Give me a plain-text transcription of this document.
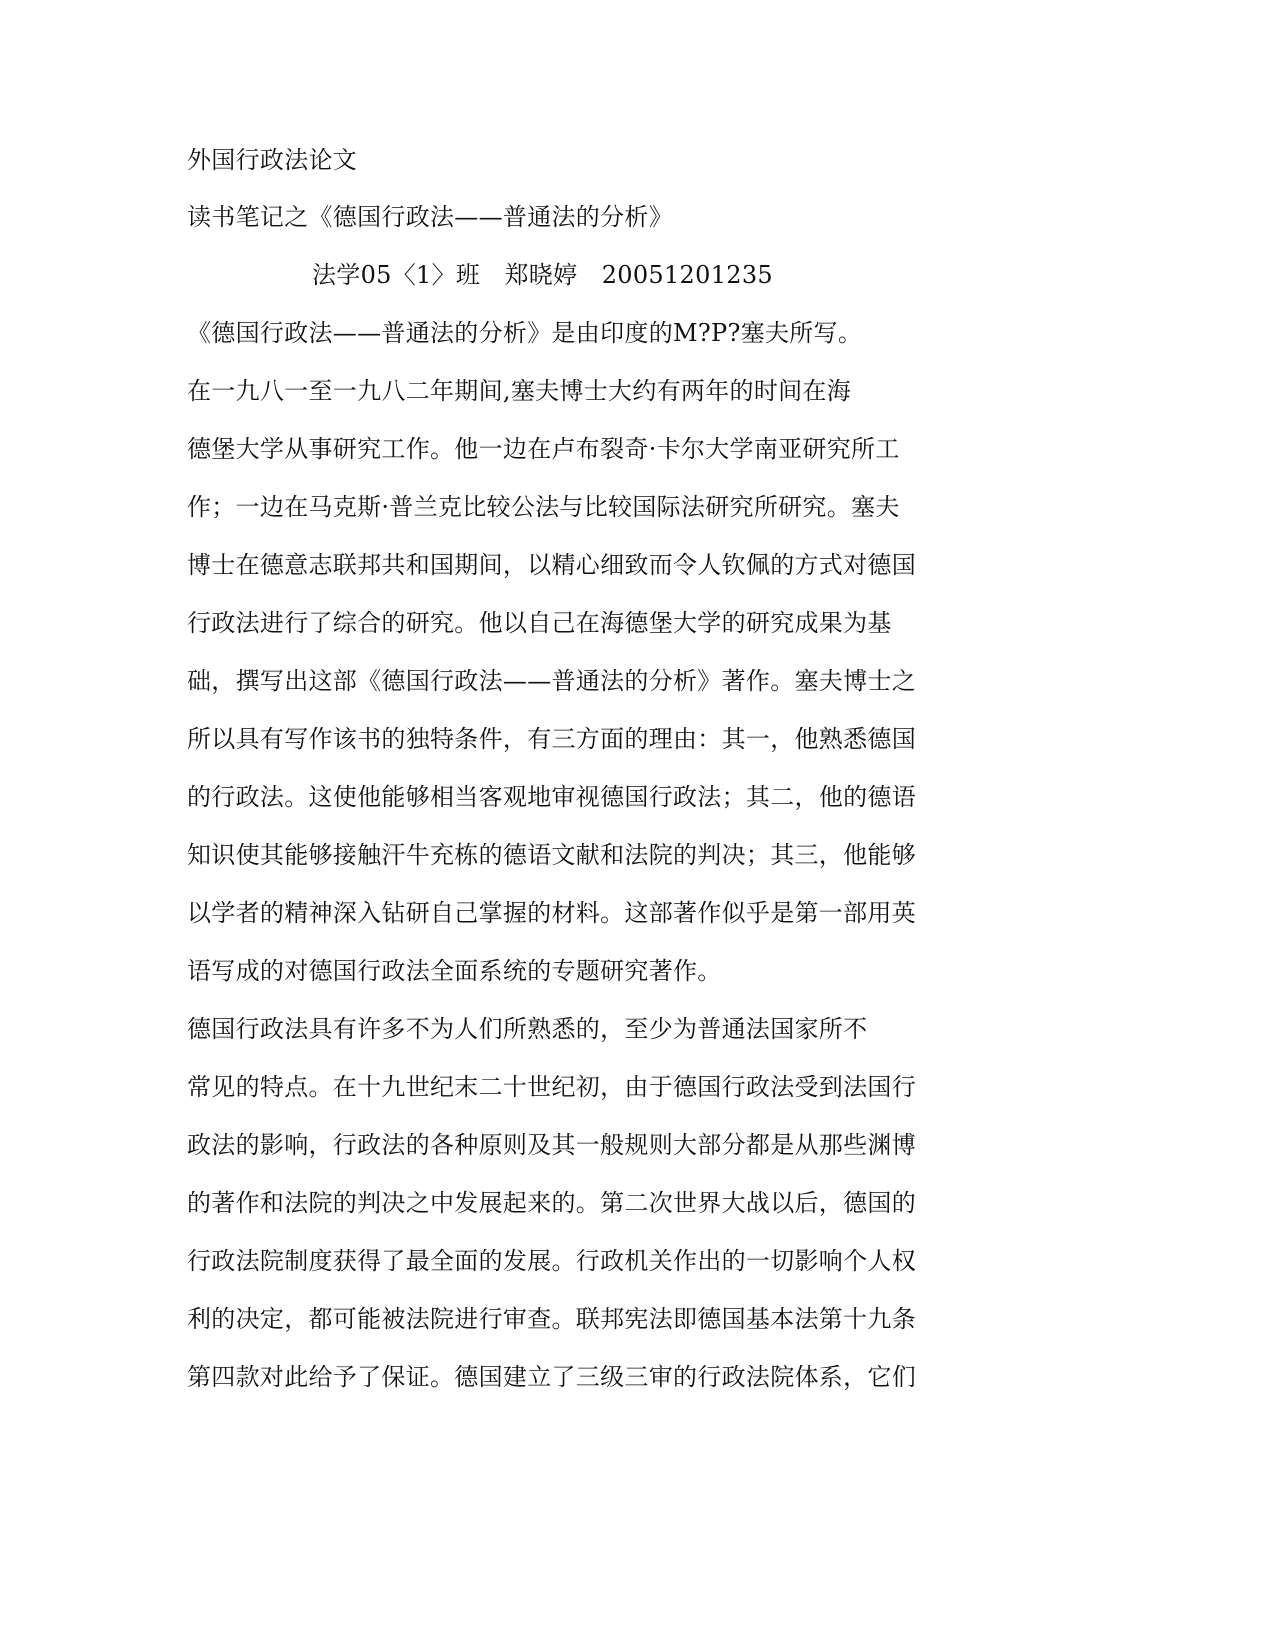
外国行政法论文
读书笔记之《德国行政法——普通法的分析》
法学05〈1〉班　郑晓婷　20051201235
《德国行政法——普通法的分析》是由印度的M?P?塞夫所写。
在一九八一至一九八二年期间,塞夫博士大约有两年的时间在海
德堡大学从事研究工作。他一边在卢布裂奇·卡尔大学南亚研究所工
作；一边在马克斯·普兰克比较公法与比较国际法研究所研究。塞夫
博士在德意志联邦共和国期间，以精心细致而令人钦佩的方式对德国
行政法进行了综合的研究。他以自己在海德堡大学的研究成果为基
础，撰写出这部《德国行政法——普通法的分析》著作。塞夫博士之
所以具有写作该书的独特条件，有三方面的理由：其一，他熟悉德国
的行政法。这使他能够相当客观地审视德国行政法；其二，他的德语
知识使其能够接触汗牛充栋的德语文献和法院的判决；其三，他能够
以学者的精神深入钻研自己掌握的材料。这部著作似乎是第一部用英
语写成的对德国行政法全面系统的专题研究著作。
德国行政法具有许多不为人们所熟悉的，至少为普通法国家所不
常见的特点。在十九世纪末二十世纪初，由于德国行政法受到法国行
政法的影响，行政法的各种原则及其一般规则大部分都是从那些渊博
的著作和法院的判决之中发展起来的。第二次世界大战以后，德国的
行政法院制度获得了最全面的发展。行政机关作出的一切影响个人权
利的决定，都可能被法院进行审查。联邦宪法即德国基本法第十九条
第四款对此给予了保证。德国建立了三级三审的行政法院体系，它们
